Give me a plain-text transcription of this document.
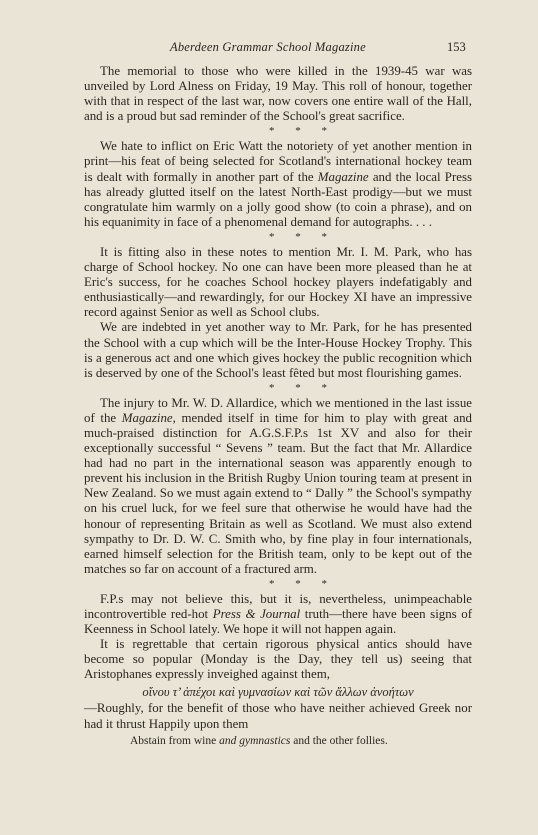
Aberdeen Grammar School Magazine	153

The memorial to those who were killed in the 1939-45 war was unveiled by Lord Alness on Friday, 19 May. This roll of honour, together with that in respect of the last war, now covers one entire wall of the Hall, and is a proud but sad reminder of the School's great sacrifice.

* * *

We hate to inflict on Eric Watt the notoriety of yet another mention in print—his feat of being selected for Scotland's international hockey team is dealt with formally in another part of the Magazine and the local Press has already glutted itself on the latest North-East prodigy—but we must congratulate him warmly on a jolly good show (to coin a phrase), and on his equanimity in face of a phenomenal demand for autographs. . . .

* * *

It is fitting also in these notes to mention Mr. I. M. Park, who has charge of School hockey. No one can have been more pleased than he at Eric's success, for he coaches School hockey players indefatigably and enthusiastically—and rewardingly, for our Hockey XI have an impressive record against Senior as well as School clubs.

We are indebted in yet another way to Mr. Park, for he has presented the School with a cup which will be the Inter-House Hockey Trophy. This is a generous act and one which gives hockey the public recognition which is deserved by one of the School's least fêted but most flourishing games.

* * *

The injury to Mr. W. D. Allardice, which we mentioned in the last issue of the Magazine, mended itself in time for him to play with great and much-praised distinction for A.G.S.F.P.s 1st XV and also for their exceptionally successful “ Sevens ” team. But the fact that Mr. Allardice had had no part in the international season was apparently enough to prevent his inclusion in the British Rugby Union touring team at present in New Zealand. So we must again extend to “ Dally ” the School's sympathy on his cruel luck, for we feel sure that otherwise he would have had the honour of representing Britain as well as Scotland. We must also extend sympathy to Dr. D. W. C. Smith who, by fine play in four internationals, earned himself selection for the British team, only to be kept out of the matches so far on account of a fractured arm.

* * *

F.P.s may not believe this, but it is, nevertheless, unimpeachable incontrovertible red-hot Press & Journal truth—there have been signs of Keenness in School lately. We hope it will not happen again.

It is regrettable that certain rigorous physical antics should have become so popular (Monday is the Day, they tell us) seeing that Aristophanes expressly inveighed against them,

οἴνου τ’ ἀπέχοι καὶ γυμνασίων καὶ τῶν ἄλλων ἀνοήτων

—Roughly, for the benefit of those who have neither achieved Greek nor had it thrust Happily upon them

Abstain from wine and gymnastics and the other follies.
